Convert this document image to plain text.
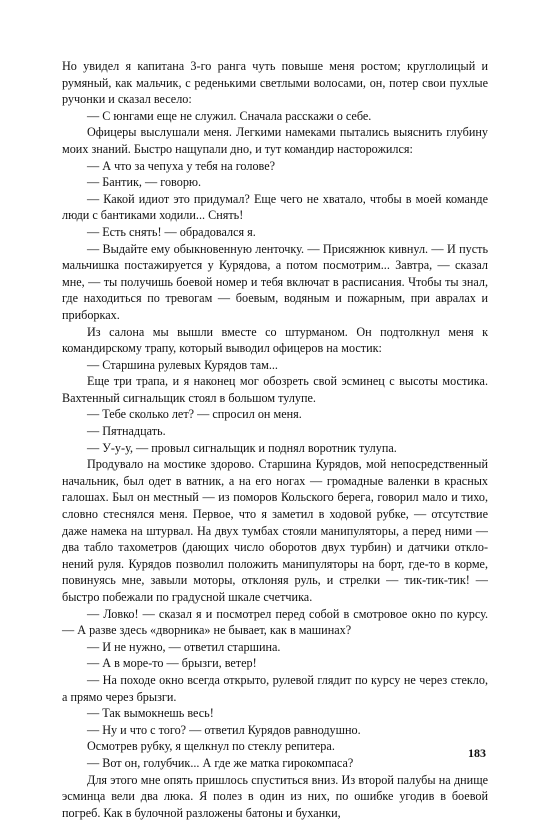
Но увидел я капитана 3-го ранга чуть повыше меня ростом; круглолицый и румяный, как мальчик, с реденькими светлыми волосами, он, потер свои пухлые ручонки и сказал весело:

— С юнгами еще не служил. Сначала расскажи о себе.

Офицеры выслушали меня. Легкими намеками пытались выяснить глубину моих знаний. Быстро нащупали дно, и тут командир насторожился:

— А что за чепуха у тебя на голове?

— Бантик, — говорю.

— Какой идиот это придумал? Еще чего не хватало, чтобы в моей команде люди с бантиками ходили... Снять!

— Есть снять! — обрадовался я.

— Выдайте ему обыкновенную ленточку. — Присяжнюк кивнул. — И пусть мальчишка постажируется у Курядова, а потом посмотрим... Завтра, — сказал мне, — ты получишь боевой номер и тебя включат в расписания. Чтобы ты знал, где находиться по тревогам — боевым, водяным и пожарным, при авралах и приборках.

Из салона мы вышли вместе со штурманом. Он подтолкнул меня к командирскому трапу, который выводил офицеров на мостик:

— Старшина рулевых Курядов там...

Еще три трапа, и я наконец мог обозреть свой эсминец с высоты мостика. Вахтенный сигнальщик стоял в большом тулупе.

— Тебе сколько лет? — спросил он меня.

— Пятнадцать.

— У-у-у, — провыл сигнальщик и поднял воротник тулупа.

Продувало на мостике здорово. Старшина Курядов, мой непосредственный начальник, был одет в ватник, а на его ногах — громадные валенки в красных галошах. Был он местный — из поморов Кольского берега, говорил мало и тихо, словно стеснялся меня. Первое, что я заметил в ходовой рубке, — отсутствие даже намека на штурвал. На двух тумбах стояли манипуляторы, а перед ними — два табло тахометров (дающих число оборотов двух турбин) и датчики отклонений руля. Курядов позволил положить манипуляторы на борт, где-то в корме, повинуясь мне, завыли моторы, отклоняя руль, и стрелки — тик-тик-тик! — быстро побежали по градусной шкале счетчика.

— Ловко! — сказал я и посмотрел перед собой в смотровое окно по курсу. — А разве здесь «дворника» не бывает, как в машинах?

— И не нужно, — ответил старшина.

— А в море-то — брызги, ветер!

— На походе окно всегда открыто, рулевой глядит по курсу не через стекло, а прямо через брызги.

— Так вымокнешь весь!

— Ну и что с того? — ответил Курядов равнодушно.

Осмотрев рубку, я щелкнул по стеклу репитера.

— Вот он, голубчик... А где же матка гирокомпаса?

Для этого мне опять пришлось спуститься вниз. Из второй палубы на днище эсминца вели два люка. Я полез в один из них, по ошибке угодив в боевой погреб. Как в булочной разложены батоны и буханки,

183
